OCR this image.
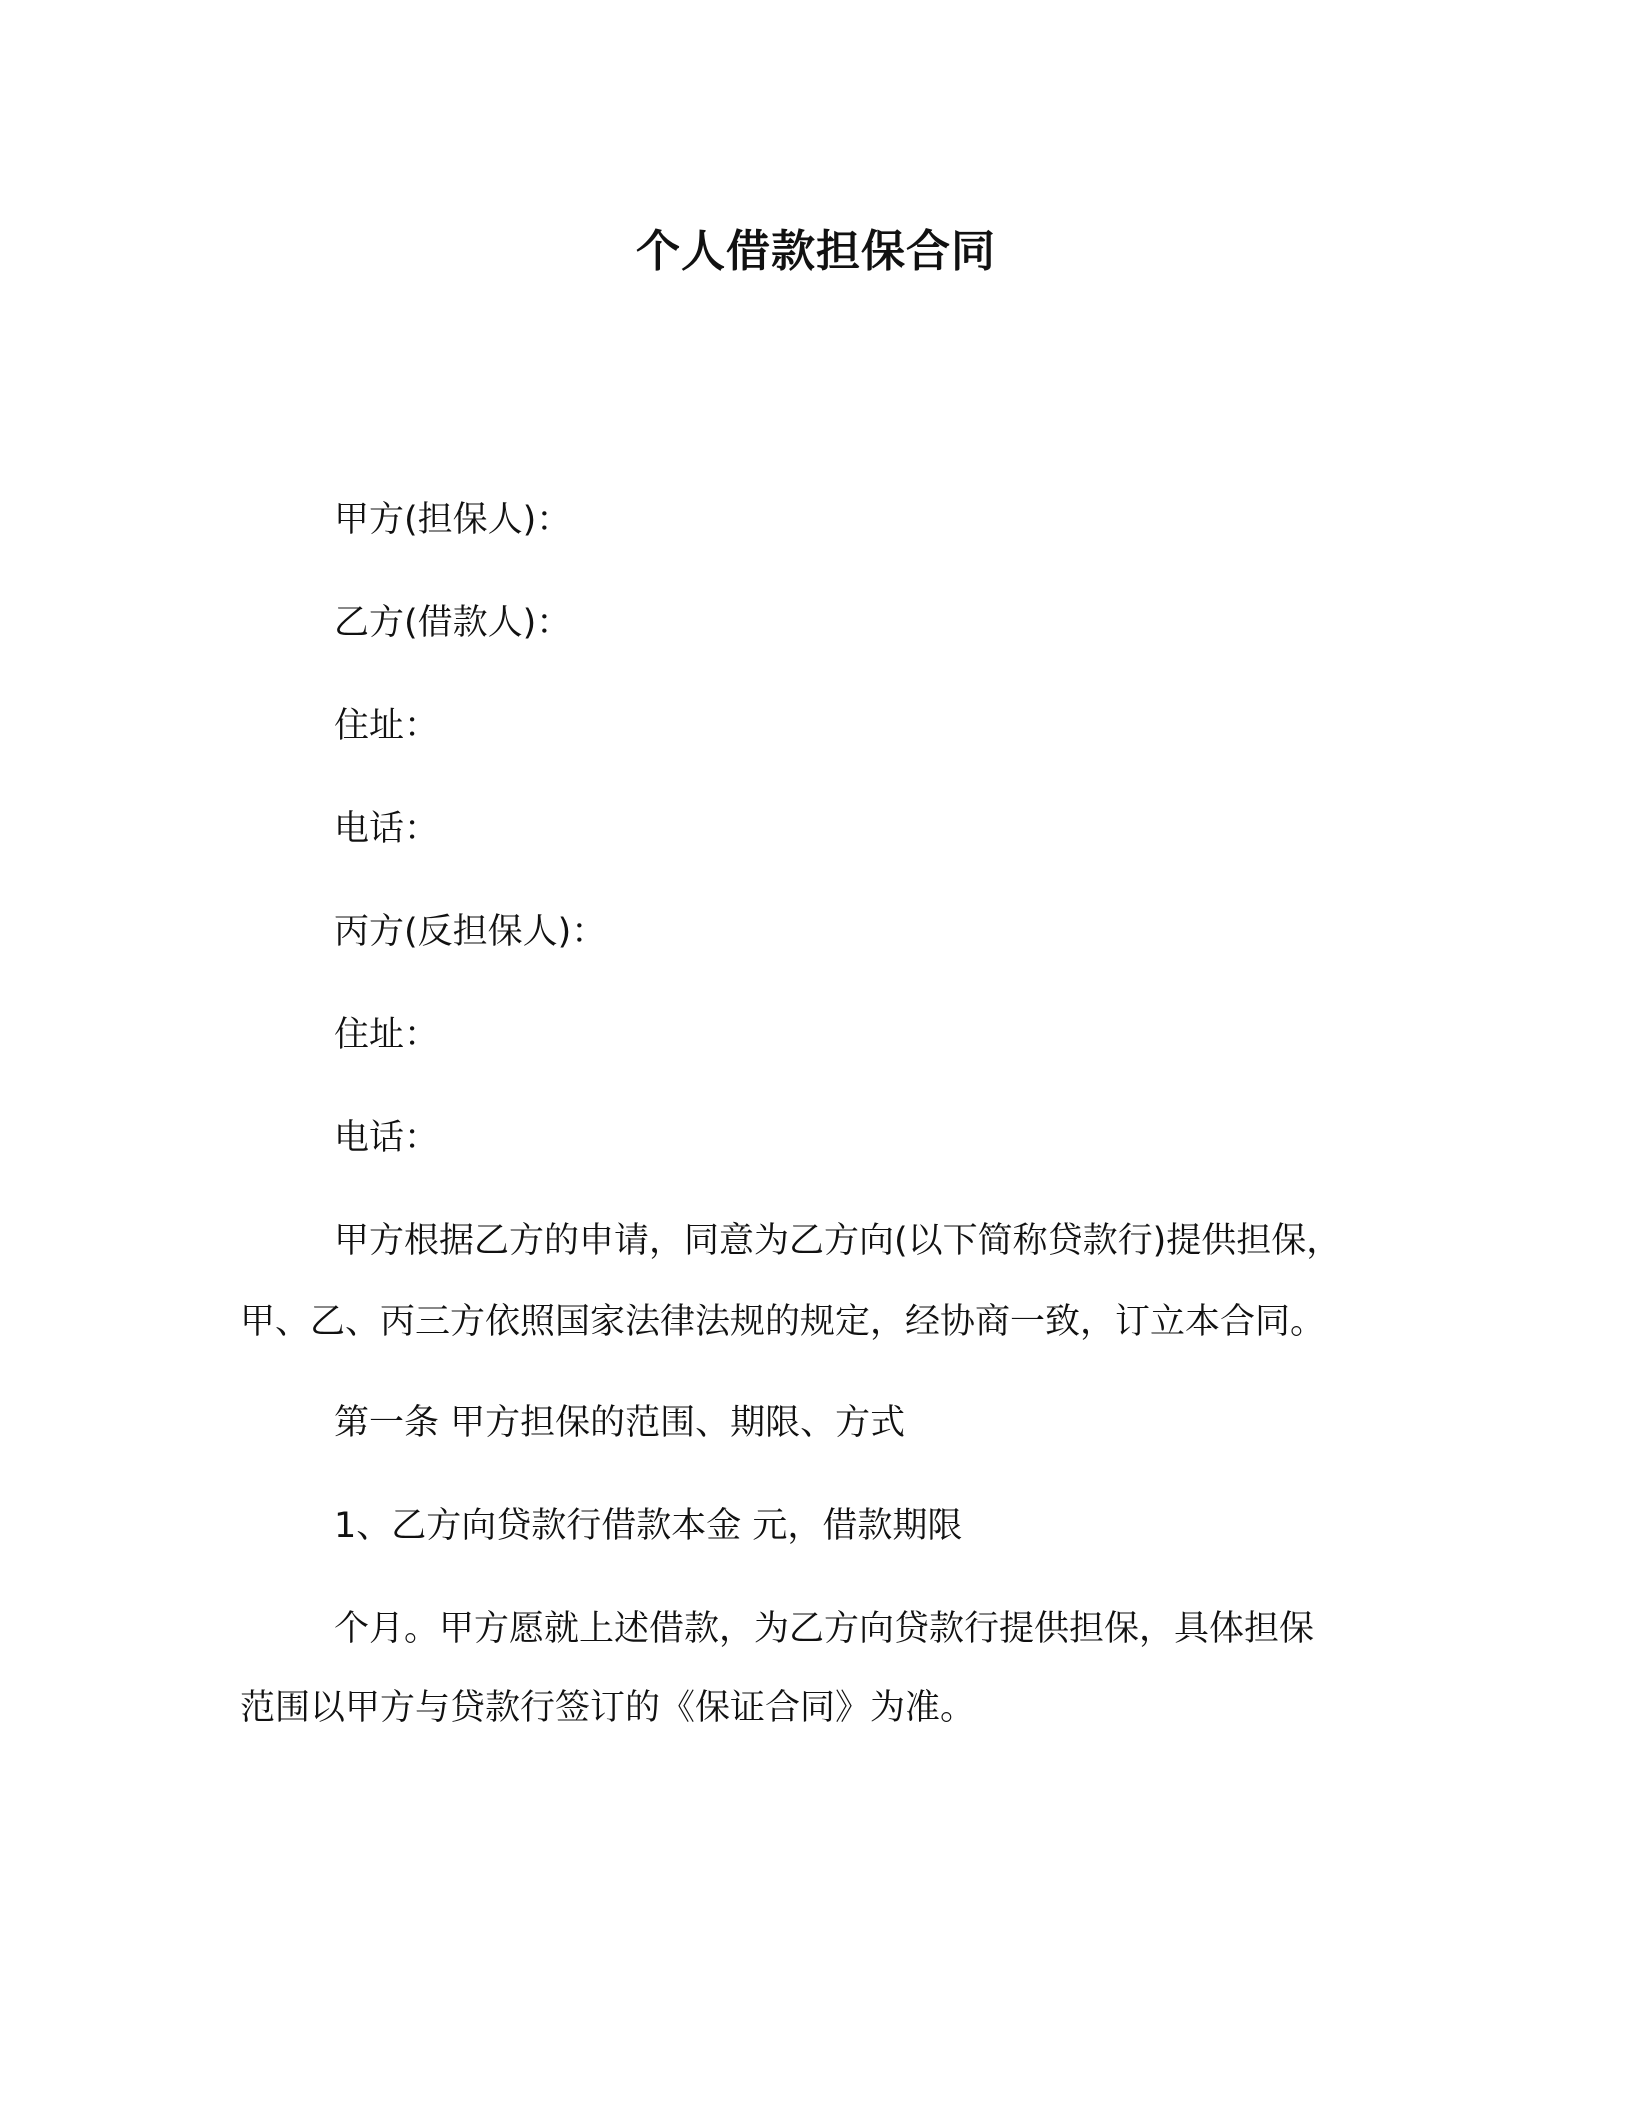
个人借款担保合同
甲方(担保人)：
乙方(借款人)：
住址：
电话：
丙方(反担保人)：
住址：
电话：
甲方根据乙方的申请，同意为乙方向(以下简称贷款行)提供担保，
甲、乙、丙三方依照国家法律法规的规定，经协商一致，订立本合同。
第一条 甲方担保的范围、期限、方式
1、乙方向贷款行借款本金 元，借款期限
个月。甲方愿就上述借款，为乙方向贷款行提供担保，具体担保
范围以甲方与贷款行签订的《保证合同》为准。
